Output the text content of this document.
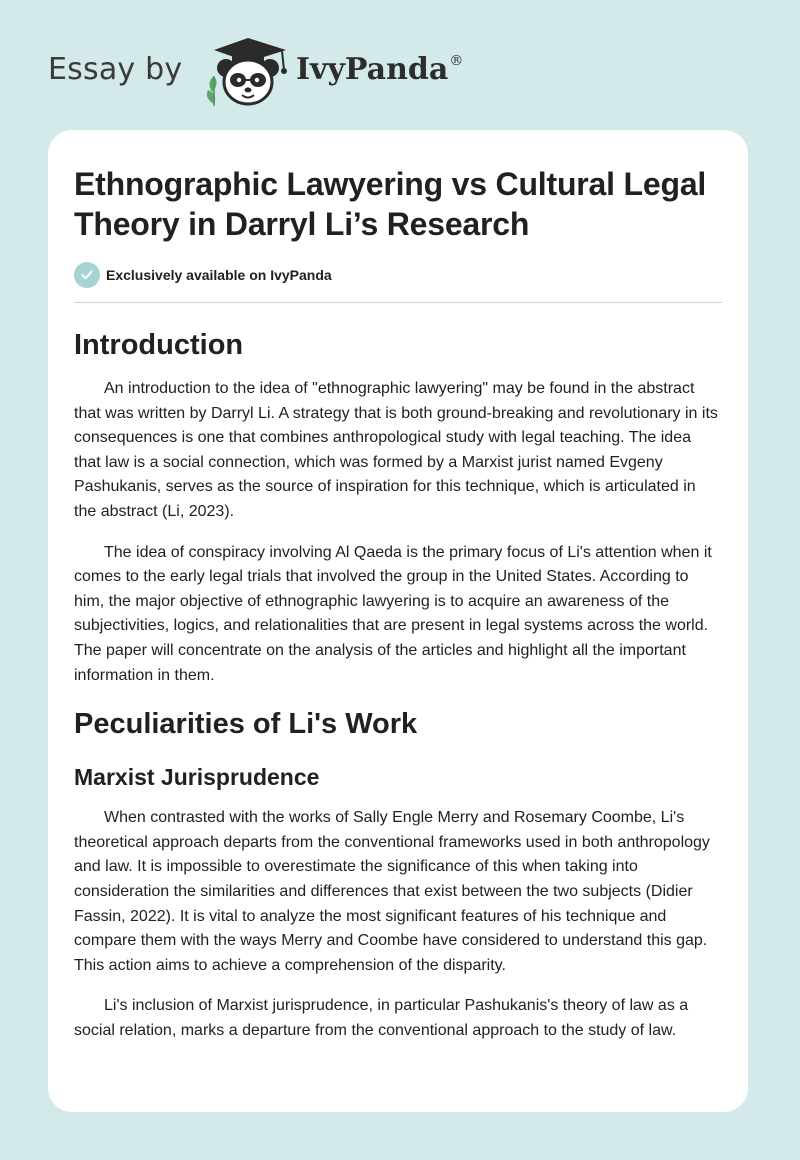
Essay by	IvyPanda®
Ethnographic Lawyering vs Cultural Legal Theory in Darryl Li’s Research
Exclusively available on IvyPanda
Introduction

An introduction to the idea of "ethnographic lawyering" may be found in the abstract that was written by Darryl Li. A strategy that is both ground-breaking and revolutionary in its consequences is one that combines anthropological study with legal teaching. The idea that law is a social connection, which was formed by a Marxist jurist named Evgeny Pashukanis, serves as the source of inspiration for this technique, which is articulated in the abstract (Li, 2023).

The idea of conspiracy involving Al Qaeda is the primary focus of Li's attention when it comes to the early legal trials that involved the group in the United States. According to him, the major objective of ethnographic lawyering is to acquire an awareness of the subjectivities, logics, and relationalities that are present in legal systems across the world. The paper will concentrate on the analysis of the articles and highlight all the important information in them.

Peculiarities of Li's Work
Marxist Jurisprudence

When contrasted with the works of Sally Engle Merry and Rosemary Coombe, Li's theoretical approach departs from the conventional frameworks used in both anthropology and law. It is impossible to overestimate the significance of this when taking into consideration the similarities and differences that exist between the two subjects (Didier Fassin, 2022). It is vital to analyze the most significant features of his technique and compare them with the ways Merry and Coombe have considered to understand this gap. This action aims to achieve a comprehension of the disparity.

Li's inclusion of Marxist jurisprudence, in particular Pashukanis's theory of law as a social relation, marks a departure from the conventional approach to the study of law.
